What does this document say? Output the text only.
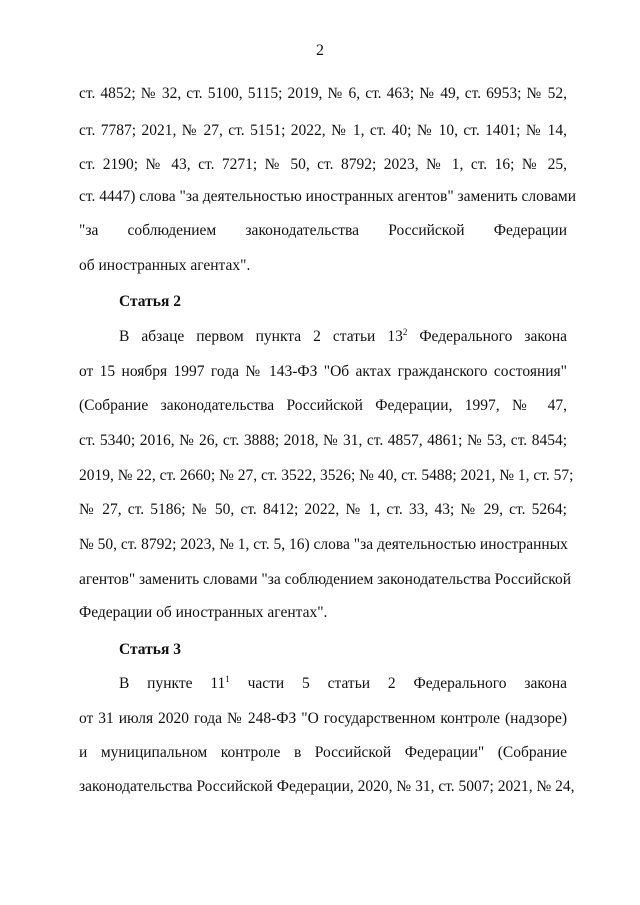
2
ст. 4852; № 32, ст. 5100, 5115; 2019, № 6, ст. 463; № 49, ст. 6953; № 52,
ст. 7787; 2021, № 27, ст. 5151; 2022, № 1, ст. 40; № 10, ст. 1401; № 14,
ст. 2190; № 43, ст. 7271; № 50, ст. 8792; 2023, № 1, ст. 16; № 25,
ст. 4447) слова "за деятельностью иностранных агентов" заменить словами
"за соблюдением законодательства Российской Федерации
об иностранных агентах".
Статья 2
В абзаце первом пункта 2 статьи $13^2$ Федерального закона
от 15 ноября 1997 года № 143-ФЗ "Об актах гражданского состояния"
(Собрание законодательства Российской Федерации, 1997, № 47,
ст. 5340; 2016, № 26, ст. 3888; 2018, № 31, ст. 4857, 4861; № 53, ст. 8454;
2019, № 22, ст. 2660; № 27, ст. 3522, 3526; № 40, ст. 5488; 2021, № 1, ст. 57;
№ 27, ст. 5186; № 50, ст. 8412; 2022, № 1, ст. 33, 43; № 29, ст. 5264;
№ 50, ст. 8792; 2023, № 1, ст. 5, 16) слова "за деятельностью иностранных
агентов" заменить словами "за соблюдением законодательства Российской
Федерации об иностранных агентах".
Статья 3
В пункте $11^1$ части 5 статьи 2 Федерального закона
от 31 июля 2020 года № 248-ФЗ "О государственном контроле (надзоре)
и муниципальном контроле в Российской Федерации" (Собрание
законодательства Российской Федерации, 2020, № 31, ст. 5007; 2021, № 24,
